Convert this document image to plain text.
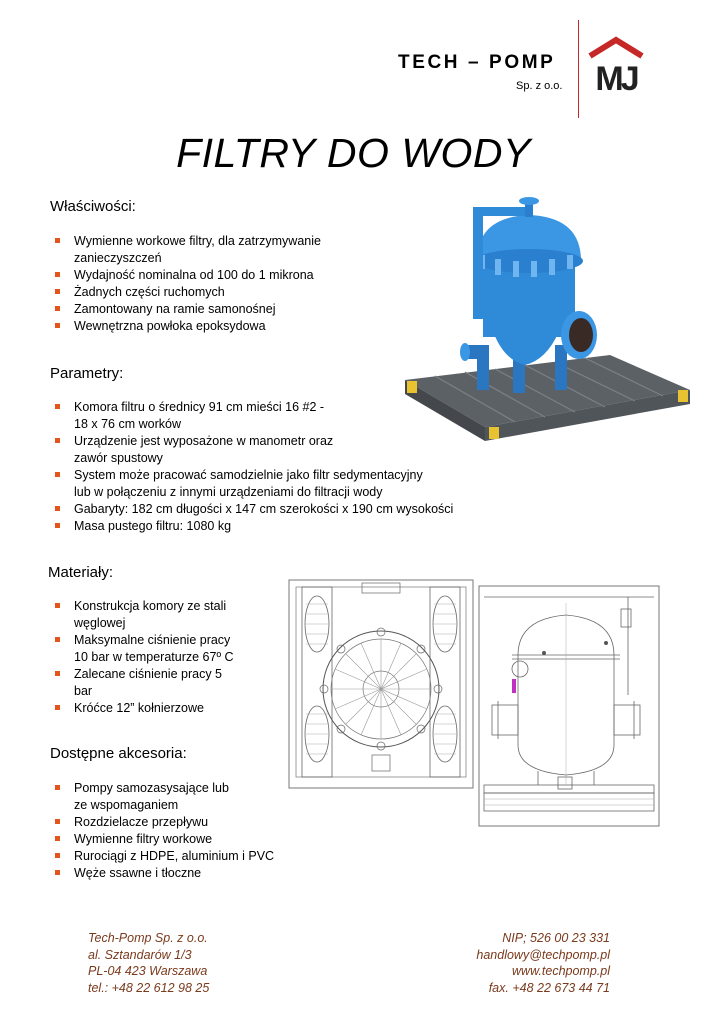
TECH – POMP
Sp. z o.o. MJ
FILTRY DO WODY
Właściwości:
Wymienne workowe filtry, dla zatrzymywanie
zanieczyszczeń
Wydajność nominalna od 100 do 1 mikrona
Żadnych części ruchomych
Zamontowany na ramie samonośnej
Wewnętrzna powłoka epoksydowa
Parametry:
Komora filtru o średnicy 91 cm mieści 16 #2 -
18 x 76 cm worków
Urządzenie jest wyposażone w manometr oraz
zawór spustowy
System może pracować samodzielnie jako filtr sedymentacyjny
lub w połączeniu z innymi urządzeniami do filtracji wody
Gabaryty: 182 cm długości x 147 cm szerokości x 190 cm wysokości
Masa pustego filtru: 1080 kg
Materiały:
Konstrukcja komory ze stali
węglowej
Maksymalne ciśnienie pracy
10 bar w temperaturze 67º C
Zalecane ciśnienie pracy 5
bar
Króćce 12” kołnierzowe
Dostępne akcesoria:
Pompy samozasysające lub
ze wspomaganiem
Rozdzielacze przepływu
Wymienne filtry workowe
Rurociągi z HDPE, aluminium i PVC
Węże ssawne i tłoczne
Tech-Pomp Sp. z o.o.
al. Sztandarów 1/3
PL-04 423 Warszawa
tel.: +48 22 612 98 25
NIP; 526 00 23 331
handlowy@techpomp.pl
www.techpomp.pl
fax. +48 22 673 44 71
